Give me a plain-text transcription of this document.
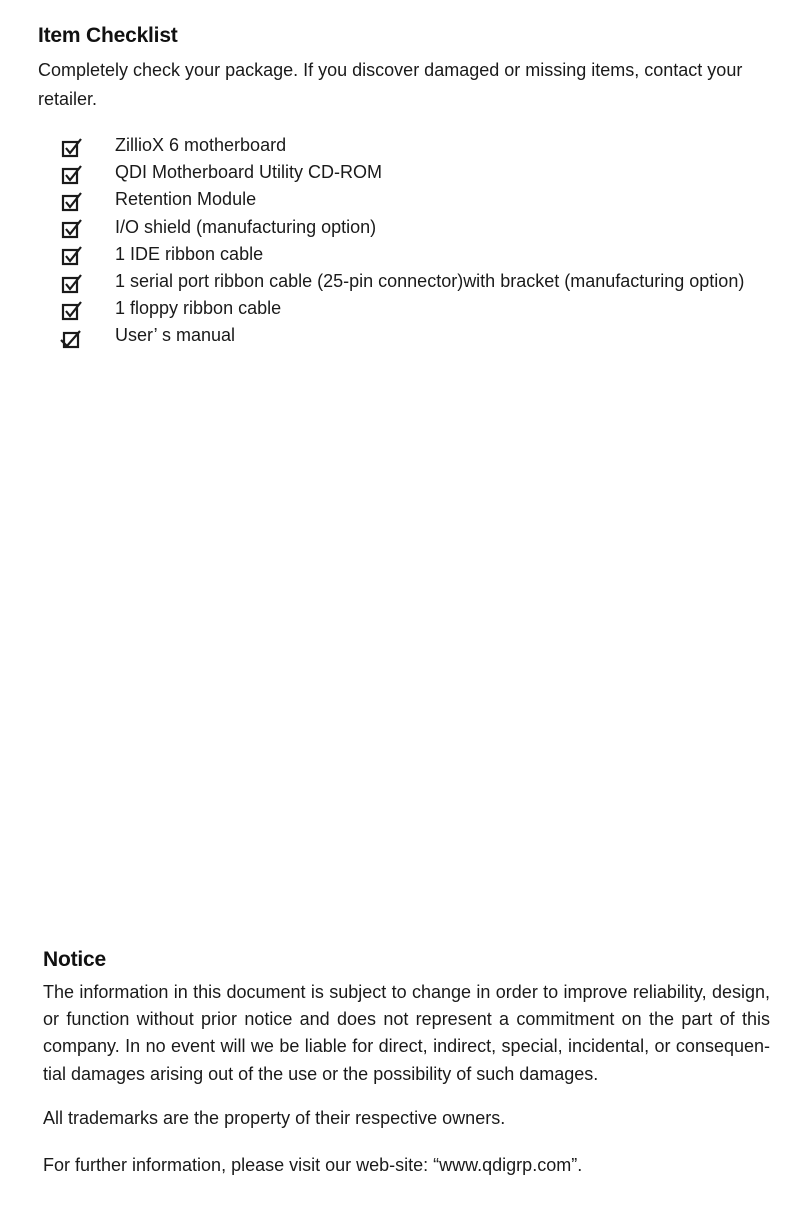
Item Checklist

Completely check your package. If you discover damaged or missing items, contact your retailer.

ZillioX 6 motherboard
QDI Motherboard Utility CD-ROM
Retention Module
I/O shield (manufacturing option)
1 IDE ribbon cable
1 serial port ribbon cable (25-pin connector)with bracket (manufacturing option)
1 floppy ribbon cable
User’ s manual
Notice

The information in this document is subject to change in order to improve reliability, design, or function without prior notice and does not represent a commitment on the part of this company. In no event will we be liable for direct, indirect, special, incidental, or consequen-tial damages arising out of the use or the possibility of such damages.

All trademarks are the property of their respective owners.

For further information, please visit our web-site: “www.qdigrp.com”.
